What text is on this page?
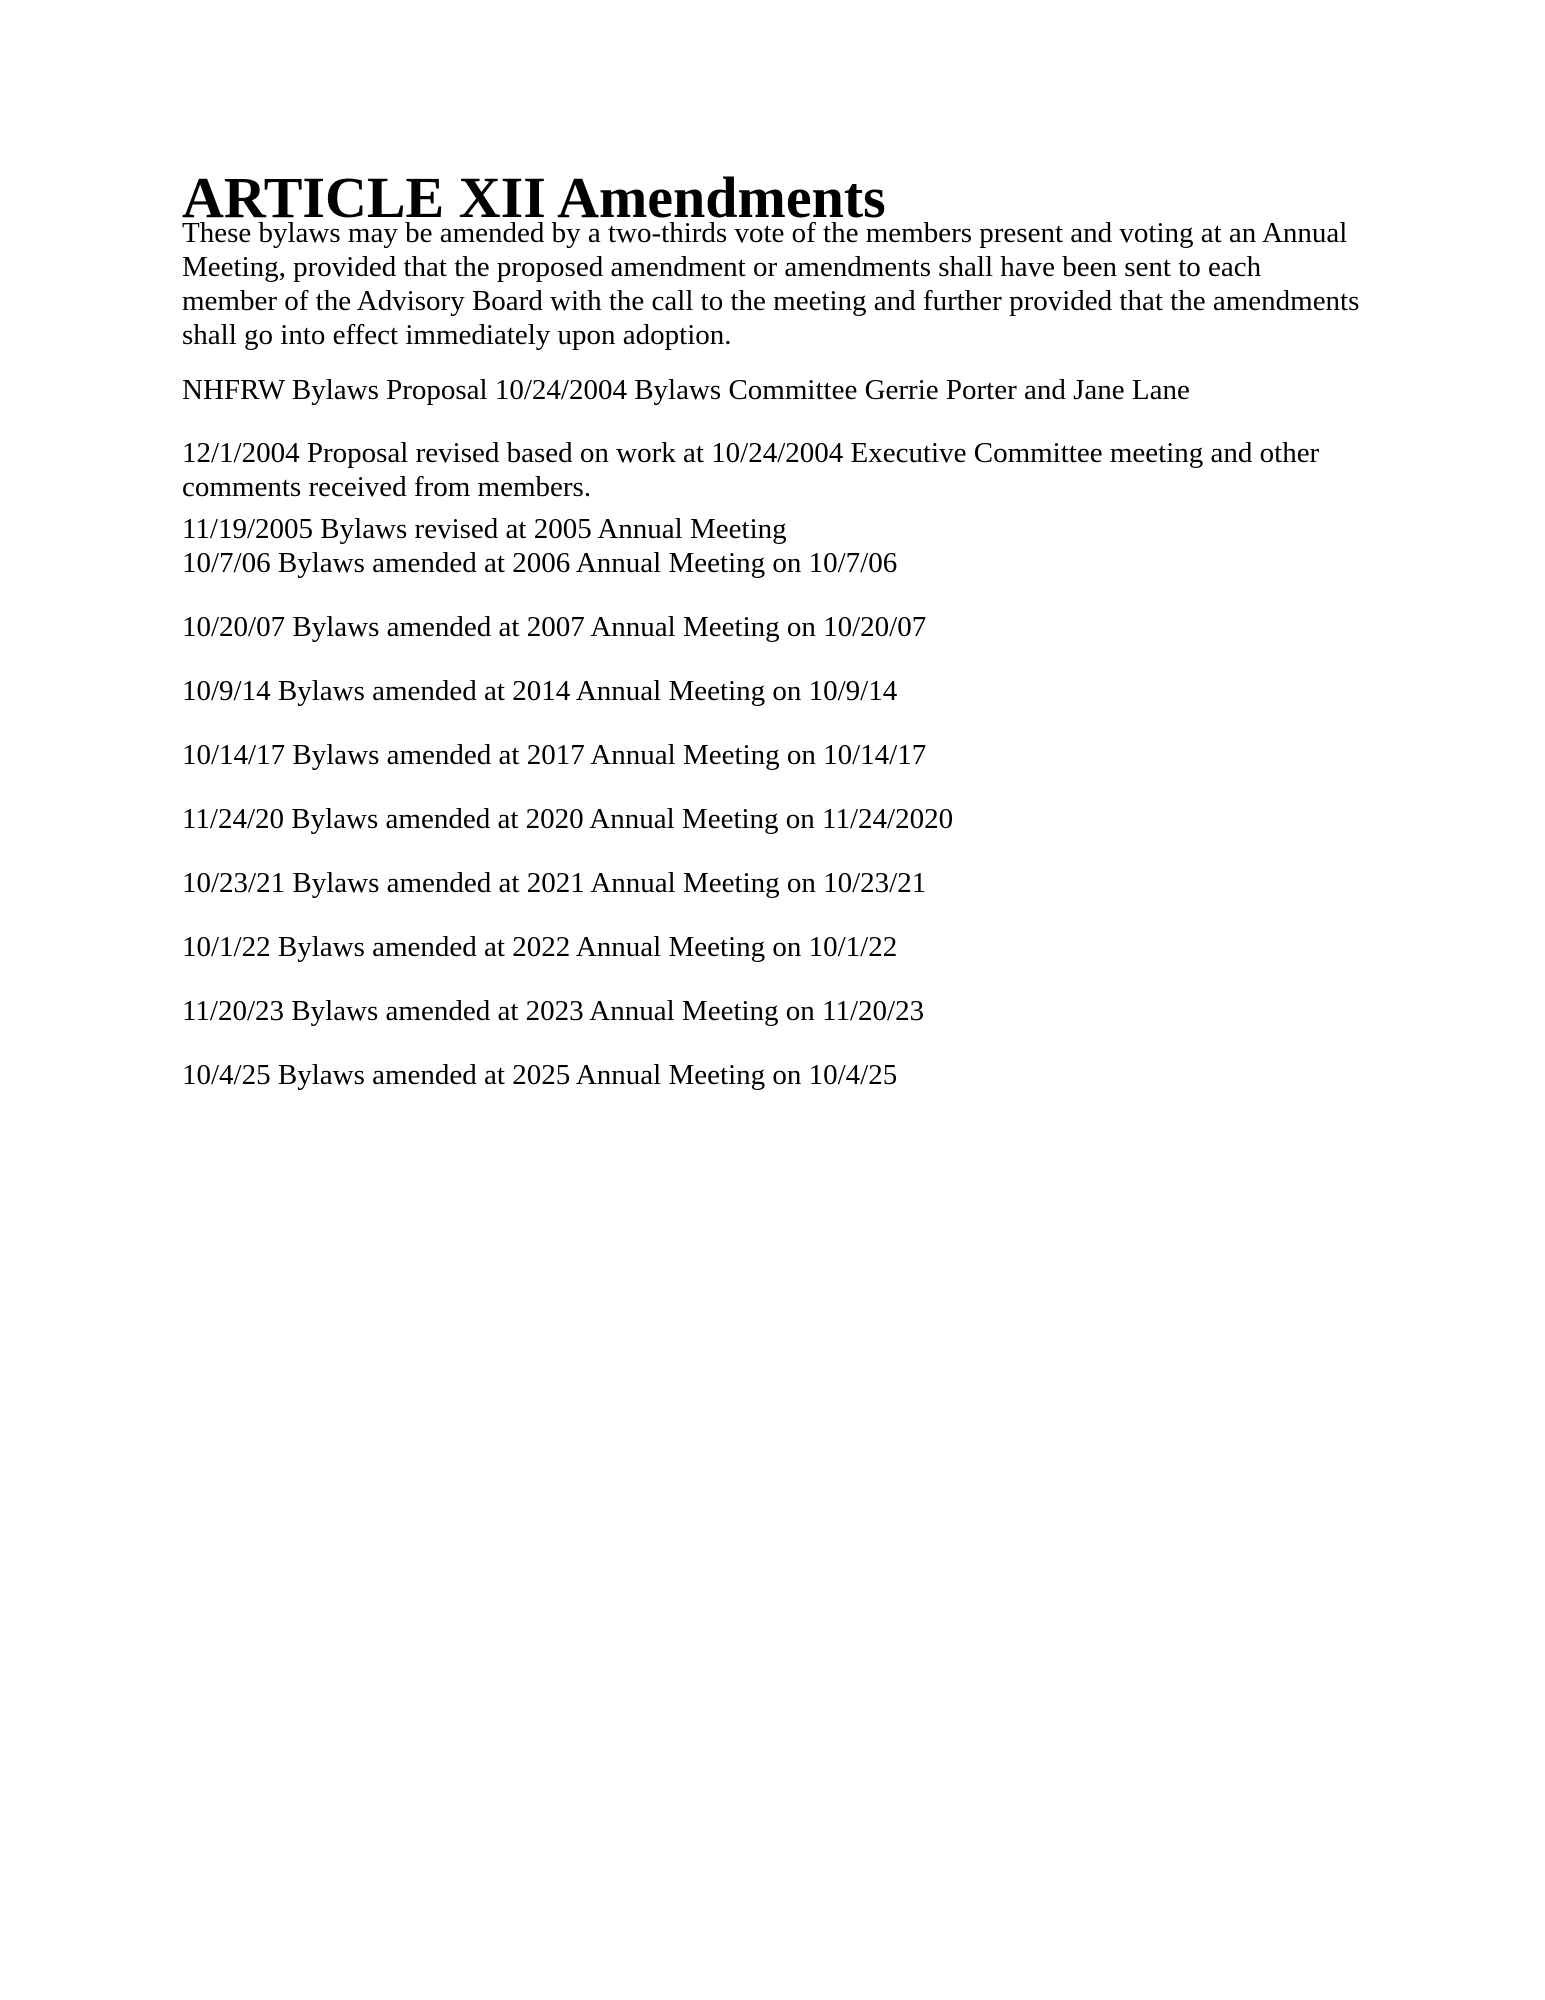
ARTICLE XII Amendments

These bylaws may be amended by a two-thirds vote of the members present and voting at an Annual Meeting, provided that the proposed amendment or amendments shall have been sent to each member of the Advisory Board with the call to the meeting and further provided that the amendments shall go into effect immediately upon adoption.

NHFRW Bylaws Proposal 10/24/2004 Bylaws Committee Gerrie Porter and Jane Lane

12/1/2004 Proposal revised based on work at 10/24/2004 Executive Committee meeting and other comments received from members.

11/19/2005 Bylaws revised at 2005 Annual Meeting

10/7/06 Bylaws amended at 2006 Annual Meeting on 10/7/06
10/20/07 Bylaws amended at 2007 Annual Meeting on 10/20/07
10/9/14 Bylaws amended at 2014 Annual Meeting on 10/9/14
10/14/17 Bylaws amended at 2017 Annual Meeting on 10/14/17
11/24/20 Bylaws amended at 2020 Annual Meeting on 11/24/2020
10/23/21 Bylaws amended at 2021 Annual Meeting on 10/23/21
10/1/22 Bylaws amended at 2022 Annual Meeting on 10/1/22
11/20/23 Bylaws amended at 2023 Annual Meeting on 11/20/23
10/4/25 Bylaws amended at 2025 Annual Meeting on 10/4/25
